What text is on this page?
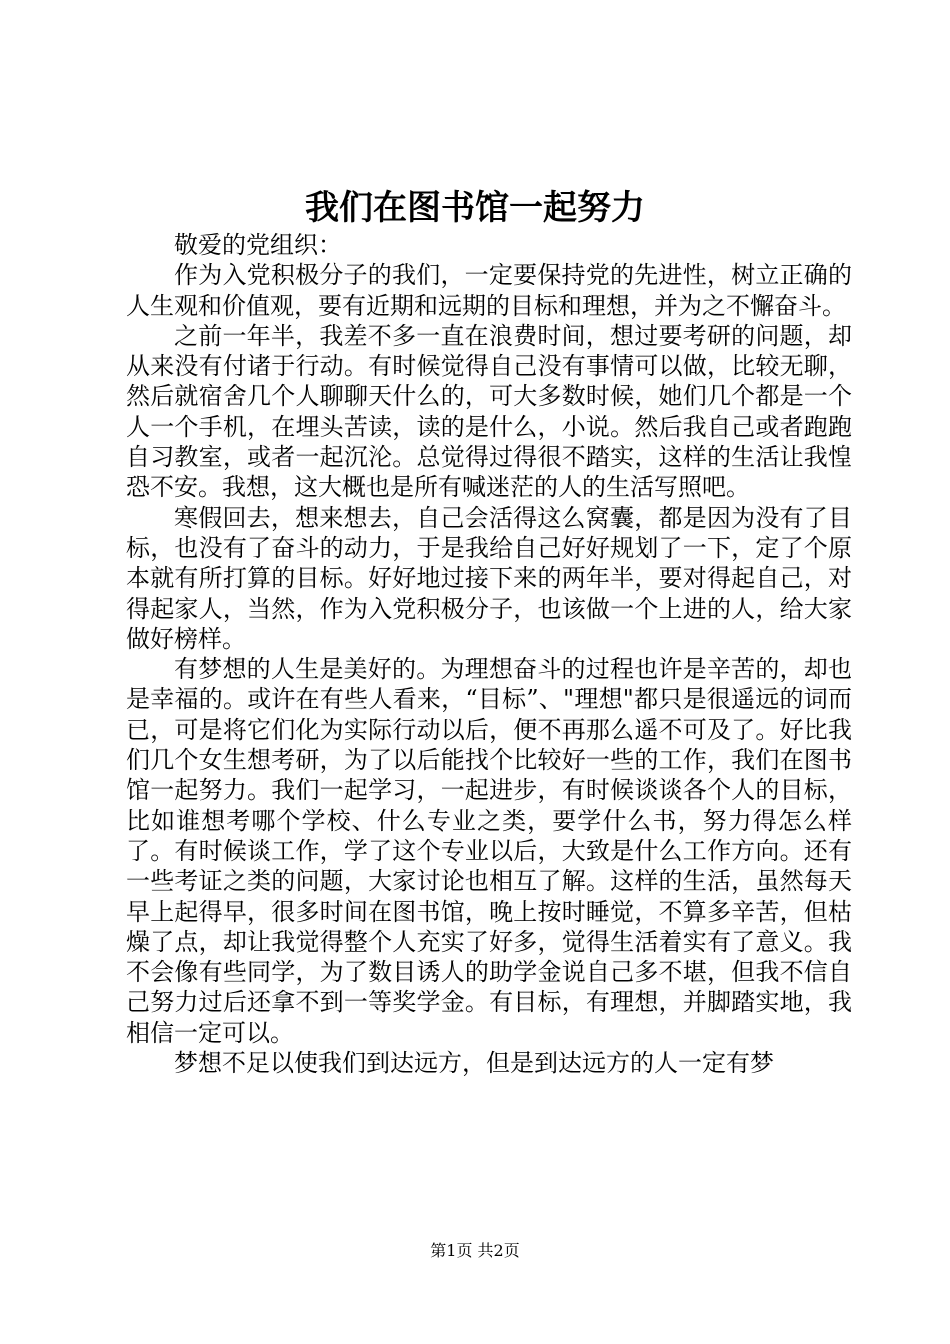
我们在图书馆一起努力

敬爱的党组织：

作为入党积极分子的我们，一定要保持党的先进性，树立正确的人生观和价值观，要有近期和远期的目标和理想，并为之不懈奋斗。

之前一年半，我差不多一直在浪费时间，想过要考研的问题，却从来没有付诸于行动。有时候觉得自己没有事情可以做，比较无聊，然后就宿舍几个人聊聊天什么的，可大多数时候，她们几个都是一个人一个手机，在埋头苦读，读的是什么，小说。然后我自己或者跑跑自习教室，或者一起沉沦。总觉得过得很不踏实，这样的生活让我惶恐不安。我想，这大概也是所有喊迷茫的人的生活写照吧。

寒假回去，想来想去，自己会活得这么窝囊，都是因为没有了目标，也没有了奋斗的动力，于是我给自己好好规划了一下，定了个原本就有所打算的目标。好好地过接下来的两年半，要对得起自己，对得起家人，当然，作为入党积极分子，也该做一个上进的人，给大家做好榜样。

有梦想的人生是美好的。为理想奋斗的过程也许是辛苦的，却也是幸福的。或许在有些人看来，“目标”、"理想"都只是很遥远的词而已，可是将它们化为实际行动以后，便不再那么遥不可及了。好比我们几个女生想考研，为了以后能找个比较好一些的工作，我们在图书馆一起努力。我们一起学习，一起进步，有时候谈谈各个人的目标，比如谁想考哪个学校、什么专业之类，要学什么书，努力得怎么样了。有时候谈工作，学了这个专业以后，大致是什么工作方向。还有一些考证之类的问题，大家讨论也相互了解。这样的生活，虽然每天早上起得早，很多时间在图书馆，晚上按时睡觉，不算多辛苦，但枯燥了点，却让我觉得整个人充实了好多，觉得生活着实有了意义。我不会像有些同学，为了数目诱人的助学金说自己多不堪，但我不信自己努力过后还拿不到一等奖学金。有目标，有理想，并脚踏实地，我相信一定可以。

梦想不足以使我们到达远方，但是到达远方的人一定有梦

第1页 共2页
